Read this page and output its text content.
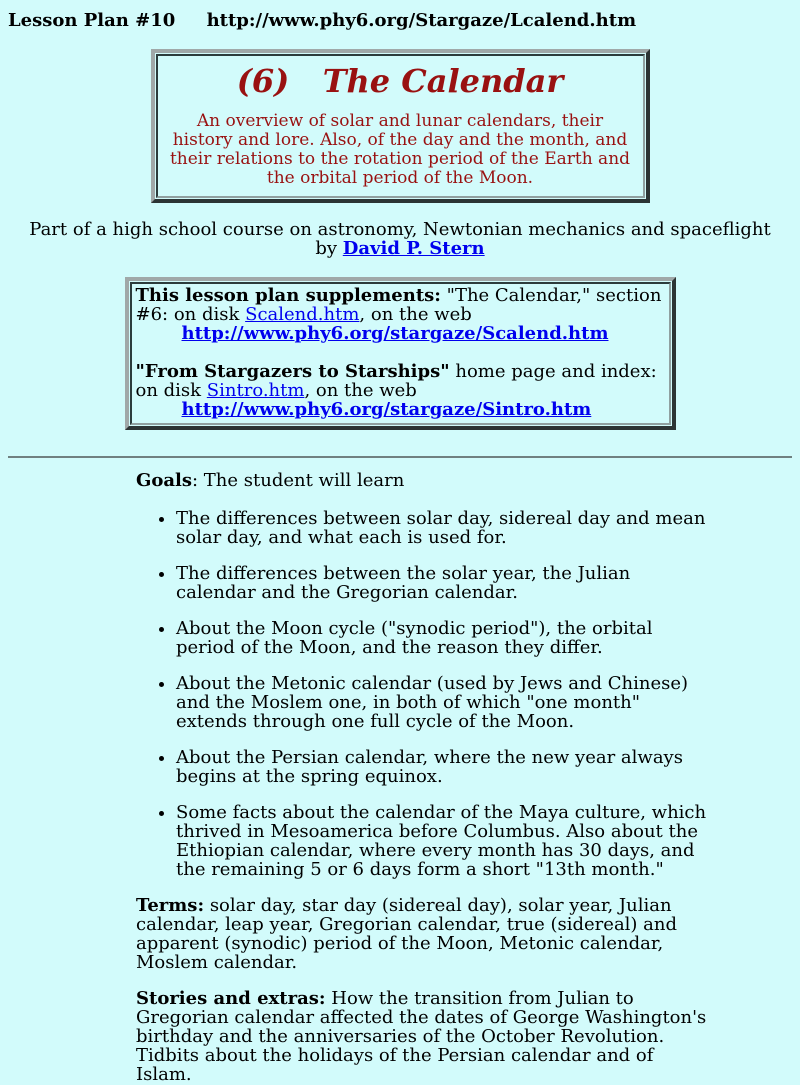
Lesson Plan #10     http://www.phy6.org/Stargaze/Lcalend.htm
(6)   The Calendar

An overview of solar and lunar calendars, their history and lore. Also, of the day and the month, and their relations to the rotation period of the Earth and the orbital period of the Moon.

Part of a high school course on astronomy, Newtonian mechanics and spaceflight
by David P. Stern

This lesson plan supplements: "The Calendar," section #6: on disk Scalend.htm, on the web
http://www.phy6.org/stargaze/Scalend.htm

"From Stargazers to Starships" home page and index: on disk Sintro.htm, on the web
http://www.phy6.org/stargaze/Sintro.htm

Goals: The student will learn

• The differences between solar day, sidereal day and mean solar day, and what each is used for.
• The differences between the solar year, the Julian calendar and the Gregorian calendar.
• About the Moon cycle ("synodic period"), the orbital period of the Moon, and the reason they differ.
• About the Metonic calendar (used by Jews and Chinese) and the Moslem one, in both of which "one month" extends through one full cycle of the Moon.
• About the Persian calendar, where the new year always begins at the spring equinox.
• Some facts about the calendar of the Maya culture, which thrived in Mesoamerica before Columbus. Also about the Ethiopian calendar, where every month has 30 days, and the remaining 5 or 6 days form a short "13th month."

Terms: solar day, star day (sidereal day), solar year, Julian calendar, leap year, Gregorian calendar, true (sidereal) and apparent (synodic) period of the Moon, Metonic calendar, Moslem calendar.

Stories and extras: How the transition from Julian to Gregorian calendar affected the dates of George Washington's birthday and the anniversaries of the October Revolution. Tidbits about the holidays of the Persian calendar and of Islam.
